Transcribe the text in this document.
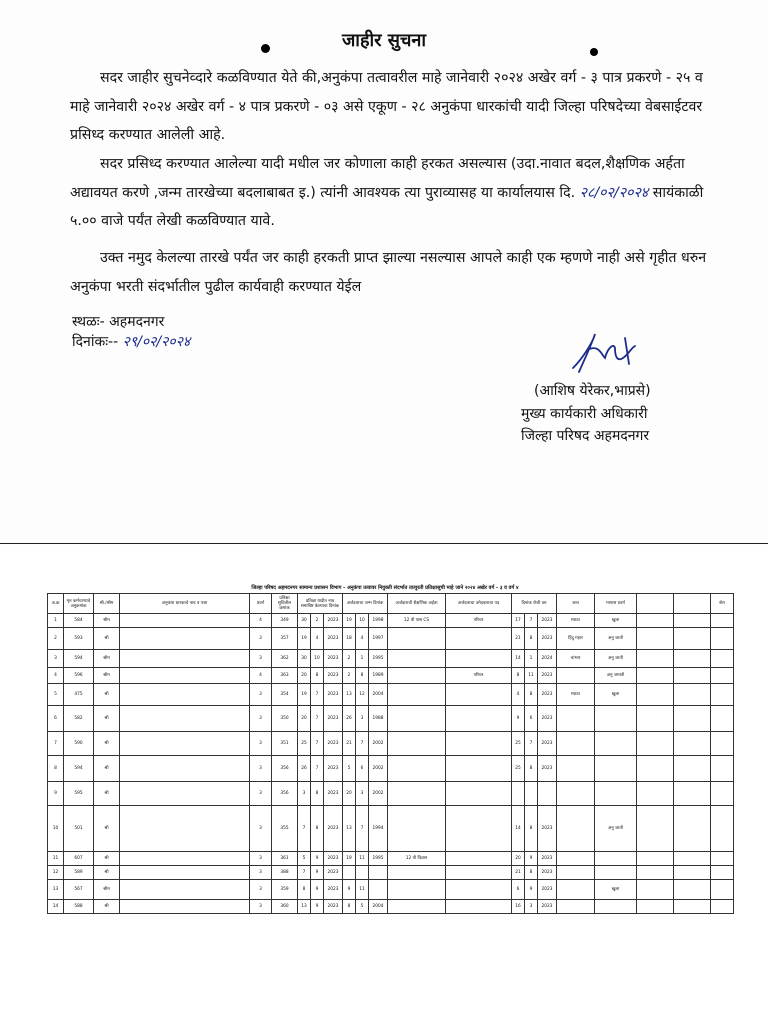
जाहीर सुचना
सदर जाहीर सुचनेव्दारे कळविण्यात येते की,अनुकंपा तत्वावरील माहे जानेवारी २०२४ अखेर वर्ग - ३ पात्र प्रकरणे - २५ व माहे जानेवारी २०२४ अखेर वर्ग - ४ पात्र प्रकरणे - ०३ असे एकूण - २८ अनुकंपा धारकांची यादी जिल्हा परिषदेच्या वेबसाईटवर प्रसिध्द करण्यात आलेली आहे.
सदर प्रसिध्द करण्यात आलेल्या यादी मधील जर कोणाला काही हरकत असल्यास (उदा.नावात बदल,शैक्षणिक अर्हता अद्यावयत करणे ,जन्म तारखेच्या बदलाबाबत इ.) त्यांनी आवश्यक त्या पुराव्यासह या कार्यालयास दि. २८/०२/२०२४ सायंकाळी ५.०० वाजे पर्यंत लेखी कळविण्यात यावे.
उक्त नमुद केलल्या तारखे पर्यंत जर काही हरकती प्राप्त झाल्या नसल्यास आपले काही एक म्हणणे नाही असे गृहीत धरुन अनुकंपा भरती संदर्भातील पुढील कार्यवाही करण्यात येईल
स्थळः- अहमदनगर
दिनांकः-- २९/०२/२०२४
(आशिष येरेकर,भाप्रसे)
मुख्य कार्यकारी अधिकारी
जिल्हा परिषद अहमदनगर
जिल्हा परिषद अहमदनगर सामान्य प्रशासन विभाग - अनुकंपा तत्वावर नियुक्ती संदर्भात तात्पुरती प्रतिक्षासूची माहे जाने २०२४ अखेर वर्ग - ३ व वर्ग ४
अ.क्र	मृत कर्मचाऱ्याचे अनुक्रमांक	श्री./श्रीम	अनुकंपा धारकाचे नाव व पत्ता	प्रवर्ग	प्रतिक्षा सुचितील क्रमांक	प्रतिक्षा यादीत नाव समाविष्ट केल्याचा दिनांक			अर्जदाराचा जन्म दिनांक			अर्जदाराची शैक्षणिक अर्हता	अर्जदाराचा उमेदवाराचा पद	दिनांक रोजी वय			जात	मागास प्रवर्ग			शेरा
1	584	श्रीम		4	349	30	2	2023	19	10	1998	12 वी पास CS	परिचर	17	7	2023	मराठा	खुला			
2	593	श्री		3	357	19	4	2023	18	4	1997			21	8	2023	हिंदु महार	अनु जाती			
3	594	श्रीम		3	362	30	10	2023	2	1	1995			14	1	2024	चांभार	अनु जाती			
4	596	श्रीम		4	363	20	8	2023	2	8	1989		परिचर	8	11	2023		अनु जमाती			
5	475	श्री		3	354	19	7	2023	13	12	2004			4	8	2023	मराठा	खुला			
6	582	श्री		3	350	20	7	2023	26	3	1988			9	6	2023					
7	590	श्री		3	351	25	7	2023	21	7	2002			25	7	2023					
8	594	श्री		3	356	26	7	2023	5	6	2002			25	8	2023					
9	595	श्री		3	356	3	8	2023	20	3	2002										
10	501	श्री		3	355	7	8	2023	13	7	1994			14	8	2023		अनु जाती			
11	607	श्री		3	361	5	9	2023	19	11	1995	12 वी विज्ञान		20	9	2023					
12	589	श्री		3	388	7	9	2023						21	8	2023					
13	567	श्रीम		3	359	8	9	2023	9	11				6	9	2023		खुला			
14	588	श्री		3	360	13	9	2023	8	5	2004			16	3	2023					
